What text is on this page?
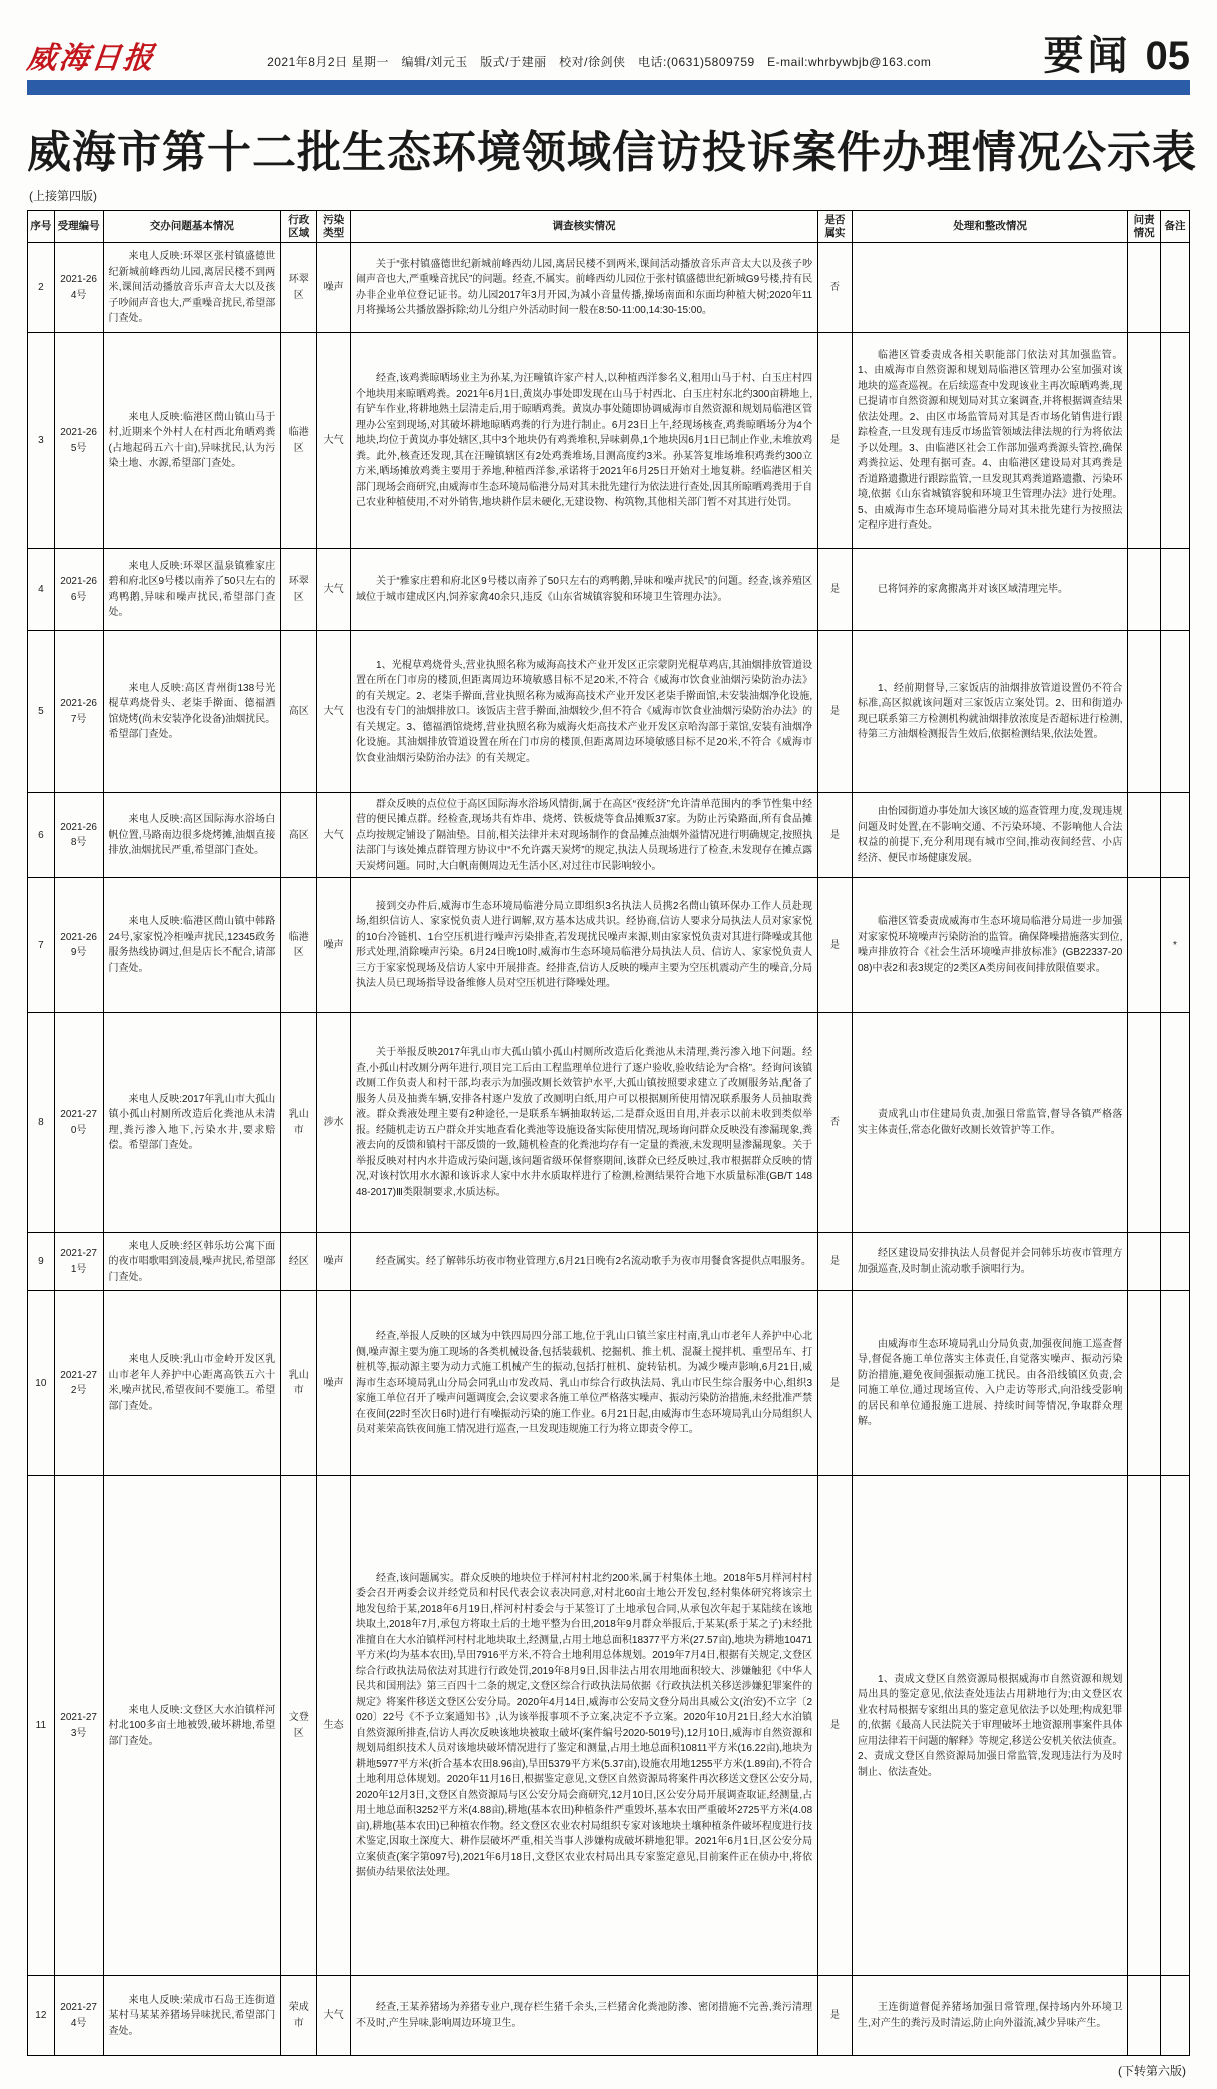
威海日报	2021年8月2日 星期一　编辑/刘元玉　版式/于建丽　校对/徐剑侠　电话:(0631)5809759　E-mail:whrbywbjb@163.com	要闻 05
威海市第十二批生态环境领域信访投诉案件办理情况公示表
(上接第四版)
序号	受理编号	交办问题基本情况	行政区域	污染类型	调查核实情况	是否属实	处理和整改情况	问责情况	备注
2	2021-264号	来电人反映:环翠区张村镇盛德世纪新城前峰西幼儿园,离居民楼不到两米,课间活动播放音乐声音太大以及孩子吵闹声音也大,严重噪音扰民,希望部门查处。	环翠区	噪声	关于“张村镇盛德世纪新城前峰西幼儿园,离居民楼不到两米,课间活动播放音乐声音太大以及孩子吵闹声音也大,严重噪音扰民”的问题。经查,不属实。前峰西幼儿园位于张村镇盛德世纪新城G9号楼,持有民办非企业单位登记证书。幼儿园2017年3月开园,为减小音量传播,操场南面和东面均种植大树;2020年11月将操场公共播放器拆除;幼儿分组户外活动时间一般在8:50-11:00,14:30-15:00。	否			
3	2021-265号	来电人反映:临港区蔄山镇山马于村,近期来个外村人在村西北角晒鸡粪(占地起码五六十亩),异味扰民,认为污染土地、水源,希望部门查处。	临港区	大气	经查,该鸡粪晾晒场业主为孙某,为汪疃镇许家产村人,以种植西洋参名义,租用山马于村、白玉庄村四个地块用来晾晒鸡粪。2021年6月1日,黄岚办事处即发现在山马于村西北、白玉庄村东北约300亩耕地上,有铲车作业,将耕地熟土层清走后,用于晾晒鸡粪。黄岚办事处随即协调威海市自然资源和规划局临港区管理办公室到现场,对其破坏耕地晾晒鸡粪的行为进行制止。6月23日上午,经现场核查,鸡粪晾晒场分为4个地块,均位于黄岚办事处辖区,其中3个地块仍有鸡粪堆积,异味刺鼻,1个地块因6月1日已制止作业,未堆放鸡粪。此外,核查还发现,其在汪疃镇辖区有2处鸡粪堆场,目测高度约3米。孙某答复堆场堆积鸡粪约300立方米,晒场摊放鸡粪主要用于养地,种植西洋参,承诺将于2021年6月25日开始对土地复耕。经临港区相关部门现场会商研究,由威海市生态环境局临港分局对其未批先建行为依法进行查处,因其所晾晒鸡粪用于自己农业种植使用,不对外销售,地块耕作层未硬化,无建设物、构筑物,其他相关部门暂不对其进行处罚。	是	临港区管委责成各相关职能部门依法对其加强监管。1、由威海市自然资源和规划局临港区管理办公室加强对该地块的巡查巡视。在后续巡查中发现该业主再次晾晒鸡粪,现已提请市自然资源和规划局对其立案调查,并将根据调查结果依法处理。2、由区市场监管局对其是否市场化销售进行跟踪检查,一旦发现有违反市场监管领域法律法规的行为将依法予以处理。3、由临港区社会工作部加强鸡粪源头管控,确保鸡粪拉运、处理有据可查。4、由临港区建设局对其鸡粪是否道路遗撒进行跟踪监管,一旦发现其鸡粪道路遗撒、污染环境,依据《山东省城镇容貌和环境卫生管理办法》进行处理。5、由威海市生态环境局临港分局对其未批先建行为按照法定程序进行查处。		
4	2021-266号	来电人反映:环翠区温泉镇雅家庄碧和府北区9号楼以南养了50只左右的鸡鸭鹅,异味和噪声扰民,希望部门查处。	环翠区	大气	关于“雅家庄碧和府北区9号楼以南养了50只左右的鸡鸭鹅,异味和噪声扰民”的问题。经查,该养殖区域位于城市建成区内,饲养家禽40余只,违反《山东省城镇容貌和环境卫生管理办法》。	是	已将饲养的家禽搬离并对该区域清理完毕。		
5	2021-267号	来电人反映:高区青州街138号光棍草鸡烧骨头、老柒手擀面、德福酒馆烧烤(尚未安装净化设备)油烟扰民。希望部门查处。	高区	大气	1、光棍草鸡烧骨头,营业执照名称为威海高技术产业开发区正宗蒙阴光棍草鸡店,其油烟排放管道设置在所在门市房的楼顶,但距离周边环境敏感目标不足20米,不符合《威海市饮食业油烟污染防治办法》的有关规定。2、老柒手擀面,营业执照名称为威海高技术产业开发区老柒手擀面馆,未安装油烟净化设施,也没有专门的油烟排放口。该饭店主营手擀面,油烟较少,但不符合《威海市饮食业油烟污染防治办法》的有关规定。3、德福酒馆烧烤,营业执照名称为威海火炬高技术产业开发区京哈沟部于菜馆,安装有油烟净化设施。其油烟排放管道设置在所在门市房的楼顶,但距离周边环境敏感目标不足20米,不符合《威海市饮食业油烟污染防治办法》的有关规定。	是	1、经前期督导,三家饭店的油烟排放管道设置仍不符合标准,高区拟就该问题对三家饭店立案处罚。2、田和街道办现已联系第三方检测机构就油烟排放浓度是否超标进行检测,待第三方油烟检测报告生效后,依据检测结果,依法处置。		
6	2021-268号	来电人反映:高区国际海水浴场白帆位置,马路南边很多烧烤摊,油烟直接排放,油烟扰民严重,希望部门查处。	高区	大气	群众反映的点位位于高区国际海水浴场风情街,属于在高区“夜经济”允许清单范围内的季节性集中经营的便民摊点群。经检查,现场共有炸串、烧烤、铁板烧等食品摊贩37家。为防止污染路面,所有食品摊点均按规定铺设了隔油垫。目前,相关法律并未对现场制作的食品摊点油烟外溢情况进行明确规定,按照执法部门与该处摊点群管理方协议中“不允许露天炭烤”的规定,执法人员现场进行了检查,未发现存在摊点露天炭烤问题。同时,大白帆南侧周边无生活小区,对过往市民影响较小。	是	由怡园街道办事处加大该区域的巡查管理力度,发现违规问题及时处置,在不影响交通、不污染环境、不影响他人合法权益的前提下,充分利用现有城市空间,推动夜间经营、小店经济、便民市场健康发展。		
7	2021-269号	来电人反映:临港区蔄山镇中韩路24号,家家悦冷柜噪声扰民,12345政务服务热线协调过,但是店长不配合,请部门查处。	临港区	噪声	接到交办件后,威海市生态环境局临港分局立即组织3名执法人员携2名蔄山镇环保办工作人员赴现场,组织信访人、家家悦负责人进行调解,双方基本达成共识。经协商,信访人要求分局执法人员对家家悦的10台冷链机、1台空压机进行噪声污染排查,若发现扰民噪声来源,则由家家悦负责对其进行降噪或其他形式处理,消除噪声污染。6月24日晚10时,威海市生态环境局临港分局执法人员、信访人、家家悦负责人三方于家家悦现场及信访人家中开展排查。经排查,信访人反映的噪声主要为空压机震动产生的噪音,分局执法人员已现场指导设备维修人员对空压机进行降噪处理。	是	临港区管委责成威海市生态环境局临港分局进一步加强对家家悦环境噪声污染防治的监管。确保降噪措施落实到位,噪声排放符合《社会生活环境噪声排放标准》(GB22337-2008)中表2和表3规定的2类区A类房间夜间排放限值要求。		*
8	2021-270号	来电人反映:2017年乳山市大孤山镇小孤山村厕所改造后化粪池从未清理,粪污渗入地下,污染水井,要求赔偿。希望部门查处。	乳山市	涉水	关于举报反映2017年乳山市大孤山镇小孤山村厕所改造后化粪池从未清理,粪污渗入地下问题。经查,小孤山村改厕分两年进行,项目完工后由工程监理单位进行了逐户验收,验收结论为“合格”。经询问该镇改厕工作负责人和村干部,均表示为加强改厕长效管护水平,大孤山镇按照要求建立了改厕服务站,配备了服务人员及抽粪车辆,安排各村逐户发放了改厕明白纸,用户可以根据厕所使用情况联系服务人员抽取粪液。群众粪液处理主要有2种途径,一是联系车辆抽取转运,二是群众返田自用,并表示以前未收到类似举报。经随机走访五户群众并实地查看化粪池等设施设备实际使用情况,现场询问群众反映没有渗漏现象,粪液去向的反馈和镇村干部反馈的一致,随机检查的化粪池均存有一定量的粪液,未发现明显渗漏现象。关于举报反映对村内水井造成污染问题,该问题省级环保督察期间,该群众已经反映过,我市根据群众反映的情况,对该村饮用水水源和该诉求人家中水井水质取样进行了检测,检测结果符合地下水质量标准(GB/T 14848-2017)Ⅲ类限制要求,水质达标。	否	责成乳山市住建局负责,加强日常监管,督导各镇严格落实主体责任,常态化做好改厕长效管护等工作。		
9	2021-271号	来电人反映:经区韩乐坊公寓下面的夜市唱歌唱到凌晨,噪声扰民,希望部门查处。	经区	噪声	经查属实。经了解韩乐坊夜市物业管理方,6月21日晚有2名流动歌手为夜市用餐食客提供点唱服务。	是	经区建设局安排执法人员督促并会同韩乐坊夜市管理方加强巡查,及时制止流动歌手演唱行为。		
10	2021-272号	来电人反映:乳山市金岭开发区乳山市老年人养护中心距离高铁五六十米,噪声扰民,希望夜间不要施工。希望部门查处。	乳山市	噪声	经查,举报人反映的区域为中铁四局四分部工地,位于乳山口镇兰家庄村南,乳山市老年人养护中心北侧,噪声源主要为施工现场的各类机械设备,包括装载机、挖掘机、推土机、混凝土搅拌机、重型吊车、打桩机等,振动源主要为动力式施工机械产生的振动,包括打桩机、旋转钻机。为减少噪声影响,6月21日,威海市生态环境局乳山分局会同乳山市发改局、乳山市综合行政执法局、乳山市民生综合服务中心,组织3家施工单位召开了噪声问题调度会,会议要求各施工单位严格落实噪声、振动污染防治措施,未经批准严禁在夜间(22时至次日6时)进行有噪振动污染的施工作业。6月21日起,由威海市生态环境局乳山分局组织人员对莱荣高铁夜间施工情况进行巡查,一旦发现违规施工行为将立即责令停工。	是	由威海市生态环境局乳山分局负责,加强夜间施工巡查督导,督促各施工单位落实主体责任,自觉落实噪声、振动污染防治措施,避免夜间强振动施工扰民。由各沿线镇区负责,会同施工单位,通过现场宣传、入户走访等形式,向沿线受影响的居民和单位通报施工进展、持续时间等情况,争取群众理解。		
11	2021-273号	来电人反映:文登区大水泊镇样河村北100多亩土地被毁,破坏耕地,希望部门查处。	文登区	生态	经查,该问题属实。群众反映的地块位于样河村村北约200米,属于村集体土地。2018年5月样河村村委会召开两委会议并经党员和村民代表会议表决同意,对村北60亩土地公开发包,经村集体研究将该宗土地发包给于某,2018年6月19日,样河村村委会与于某签订了土地承包合同,从承包次年起于某陆续在该地块取土,2018年7月,承包方将取土后的土地平整为台田,2018年9月群众举报后,于某某(系于某之子)未经批准擅自在大水泊镇样河村村北地块取土,经测量,占用土地总面积18377平方米(27.57亩),地块为耕地10471平方米(均为基本农田),旱田7916平方米,不符合土地利用总体规划。2019年7月4日,根据有关规定,文登区综合行政执法局依法对其进行行政处罚,2019年8月9日,因非法占用农用地面积较大、涉嫌触犯《中华人民共和国刑法》第三百四十二条的规定,文登区综合行政执法局依据《行政执法机关移送涉嫌犯罪案件的规定》将案件移送文登区公安分局。2020年4月14日,威海市公安局文登分局出具威公文(治安)不立字〔2020〕22号《不予立案通知书》,认为该举报事项不予立案,决定不予立案。2020年10月21日,经大水泊镇自然资源所排查,信访人再次反映该地块被取土破坏(案件编号2020-5019号),12月10日,威海市自然资源和规划局组织技术人员对该地块破坏情况进行了鉴定和测量,占用土地总面积10811平方米(16.22亩),地块为耕地5977平方米(折合基本农田8.96亩),旱田5379平方米(5.37亩),设施农用地1255平方米(1.89亩),不符合土地利用总体规划。2020年11月16日,根据鉴定意见,文登区自然资源局将案件再次移送文登区公安分局,2020年12月3日,文登区自然资源局与区公安分局会商研究,12月10日,区公安分局开展调查取证,经测量,占用土地总面积3252平方米(4.88亩),耕地(基本农田)种植条件严重毁坏,基本农田严重破坏2725平方米(4.08亩),耕地(基本农田)已种植农作物。经文登区农业农村局组织专家对该地块土壤种植条件破坏程度进行技术鉴定,因取土深度大、耕作层破坏严重,相关当事人涉嫌构成破坏耕地犯罪。2021年6月1日,区公安分局立案侦查(案字第097号),2021年6月18日,文登区农业农村局出具专家鉴定意见,目前案件正在侦办中,将依据侦办结果依法处理。	是	1、责成文登区自然资源局根据威海市自然资源和规划局出具的鉴定意见,依法查处违法占用耕地行为;由文登区农业农村局根据专家组出具的鉴定意见依法予以处理;构成犯罪的,依据《最高人民法院关于审理破坏土地资源刑事案件具体应用法律若干问题的解释》等规定,移送公安机关依法侦查。2、责成文登区自然资源局加强日常监管,发现违法行为及时制止、依法查处。		
12	2021-274号	来电人反映:荣成市石岛王连街道某村马某某养猪场异味扰民,希望部门查处。	荣成市	大气	经查,王某养猪场为养猪专业户,现存栏生猪千余头,三栏猪舍化粪池防渗、密闭措施不完善,粪污清理不及时,产生异味,影响周边环境卫生。	是	王连街道督促养猪场加强日常管理,保持场内外环境卫生,对产生的粪污及时清运,防止向外溢流,减少异味产生。		
(下转第六版)
